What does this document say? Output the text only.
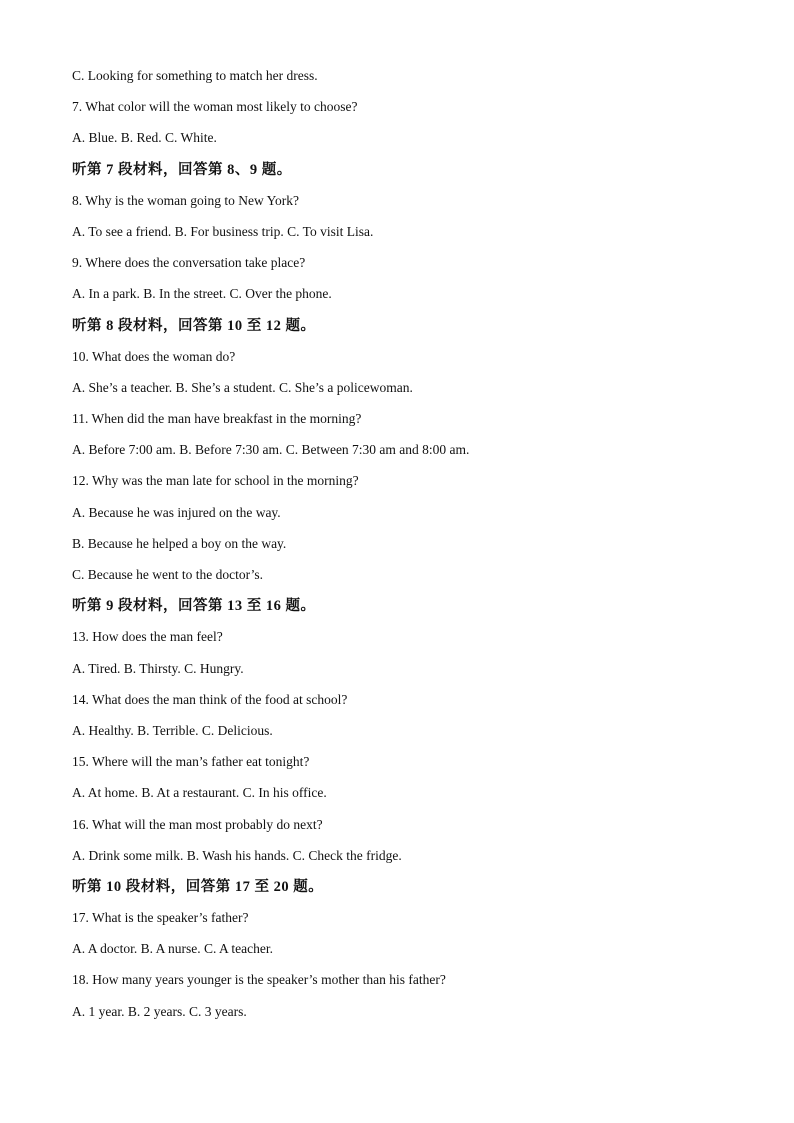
C. Looking for something to match her dress.
7. What color will the woman most likely to choose?
A. Blue. B. Red. C. White.
听第 7 段材料，回答第 8、9 题。
8. Why is the woman going to New York?
A. To see a friend. B. For business trip. C. To visit Lisa.
9. Where does the conversation take place?
A. In a park. B. In the street. C. Over the phone.
听第 8 段材料，回答第 10 至 12 题。
10. What does the woman do?
A. She’s a teacher. B. She’s a student. C. She’s a policewoman.
11. When did the man have breakfast in the morning?
A. Before 7:00 am. B. Before 7:30 am. C. Between 7:30 am and 8:00 am.
12. Why was the man late for school in the morning?
A. Because he was injured on the way.
B. Because he helped a boy on the way.
C. Because he went to the doctor’s.
听第 9 段材料，回答第 13 至 16 题。
13. How does the man feel?
A. Tired. B. Thirsty. C. Hungry.
14. What does the man think of the food at school?
A. Healthy. B. Terrible. C. Delicious.
15. Where will the man’s father eat tonight?
A. At home. B. At a restaurant. C. In his office.
16. What will the man most probably do next?
A. Drink some milk. B. Wash his hands. C. Check the fridge.
听第 10 段材料，回答第 17 至 20 题。
17. What is the speaker’s father?
A. A doctor. B. A nurse. C. A teacher.
18. How many years younger is the speaker’s mother than his father?
A. 1 year. B. 2 years. C. 3 years.
